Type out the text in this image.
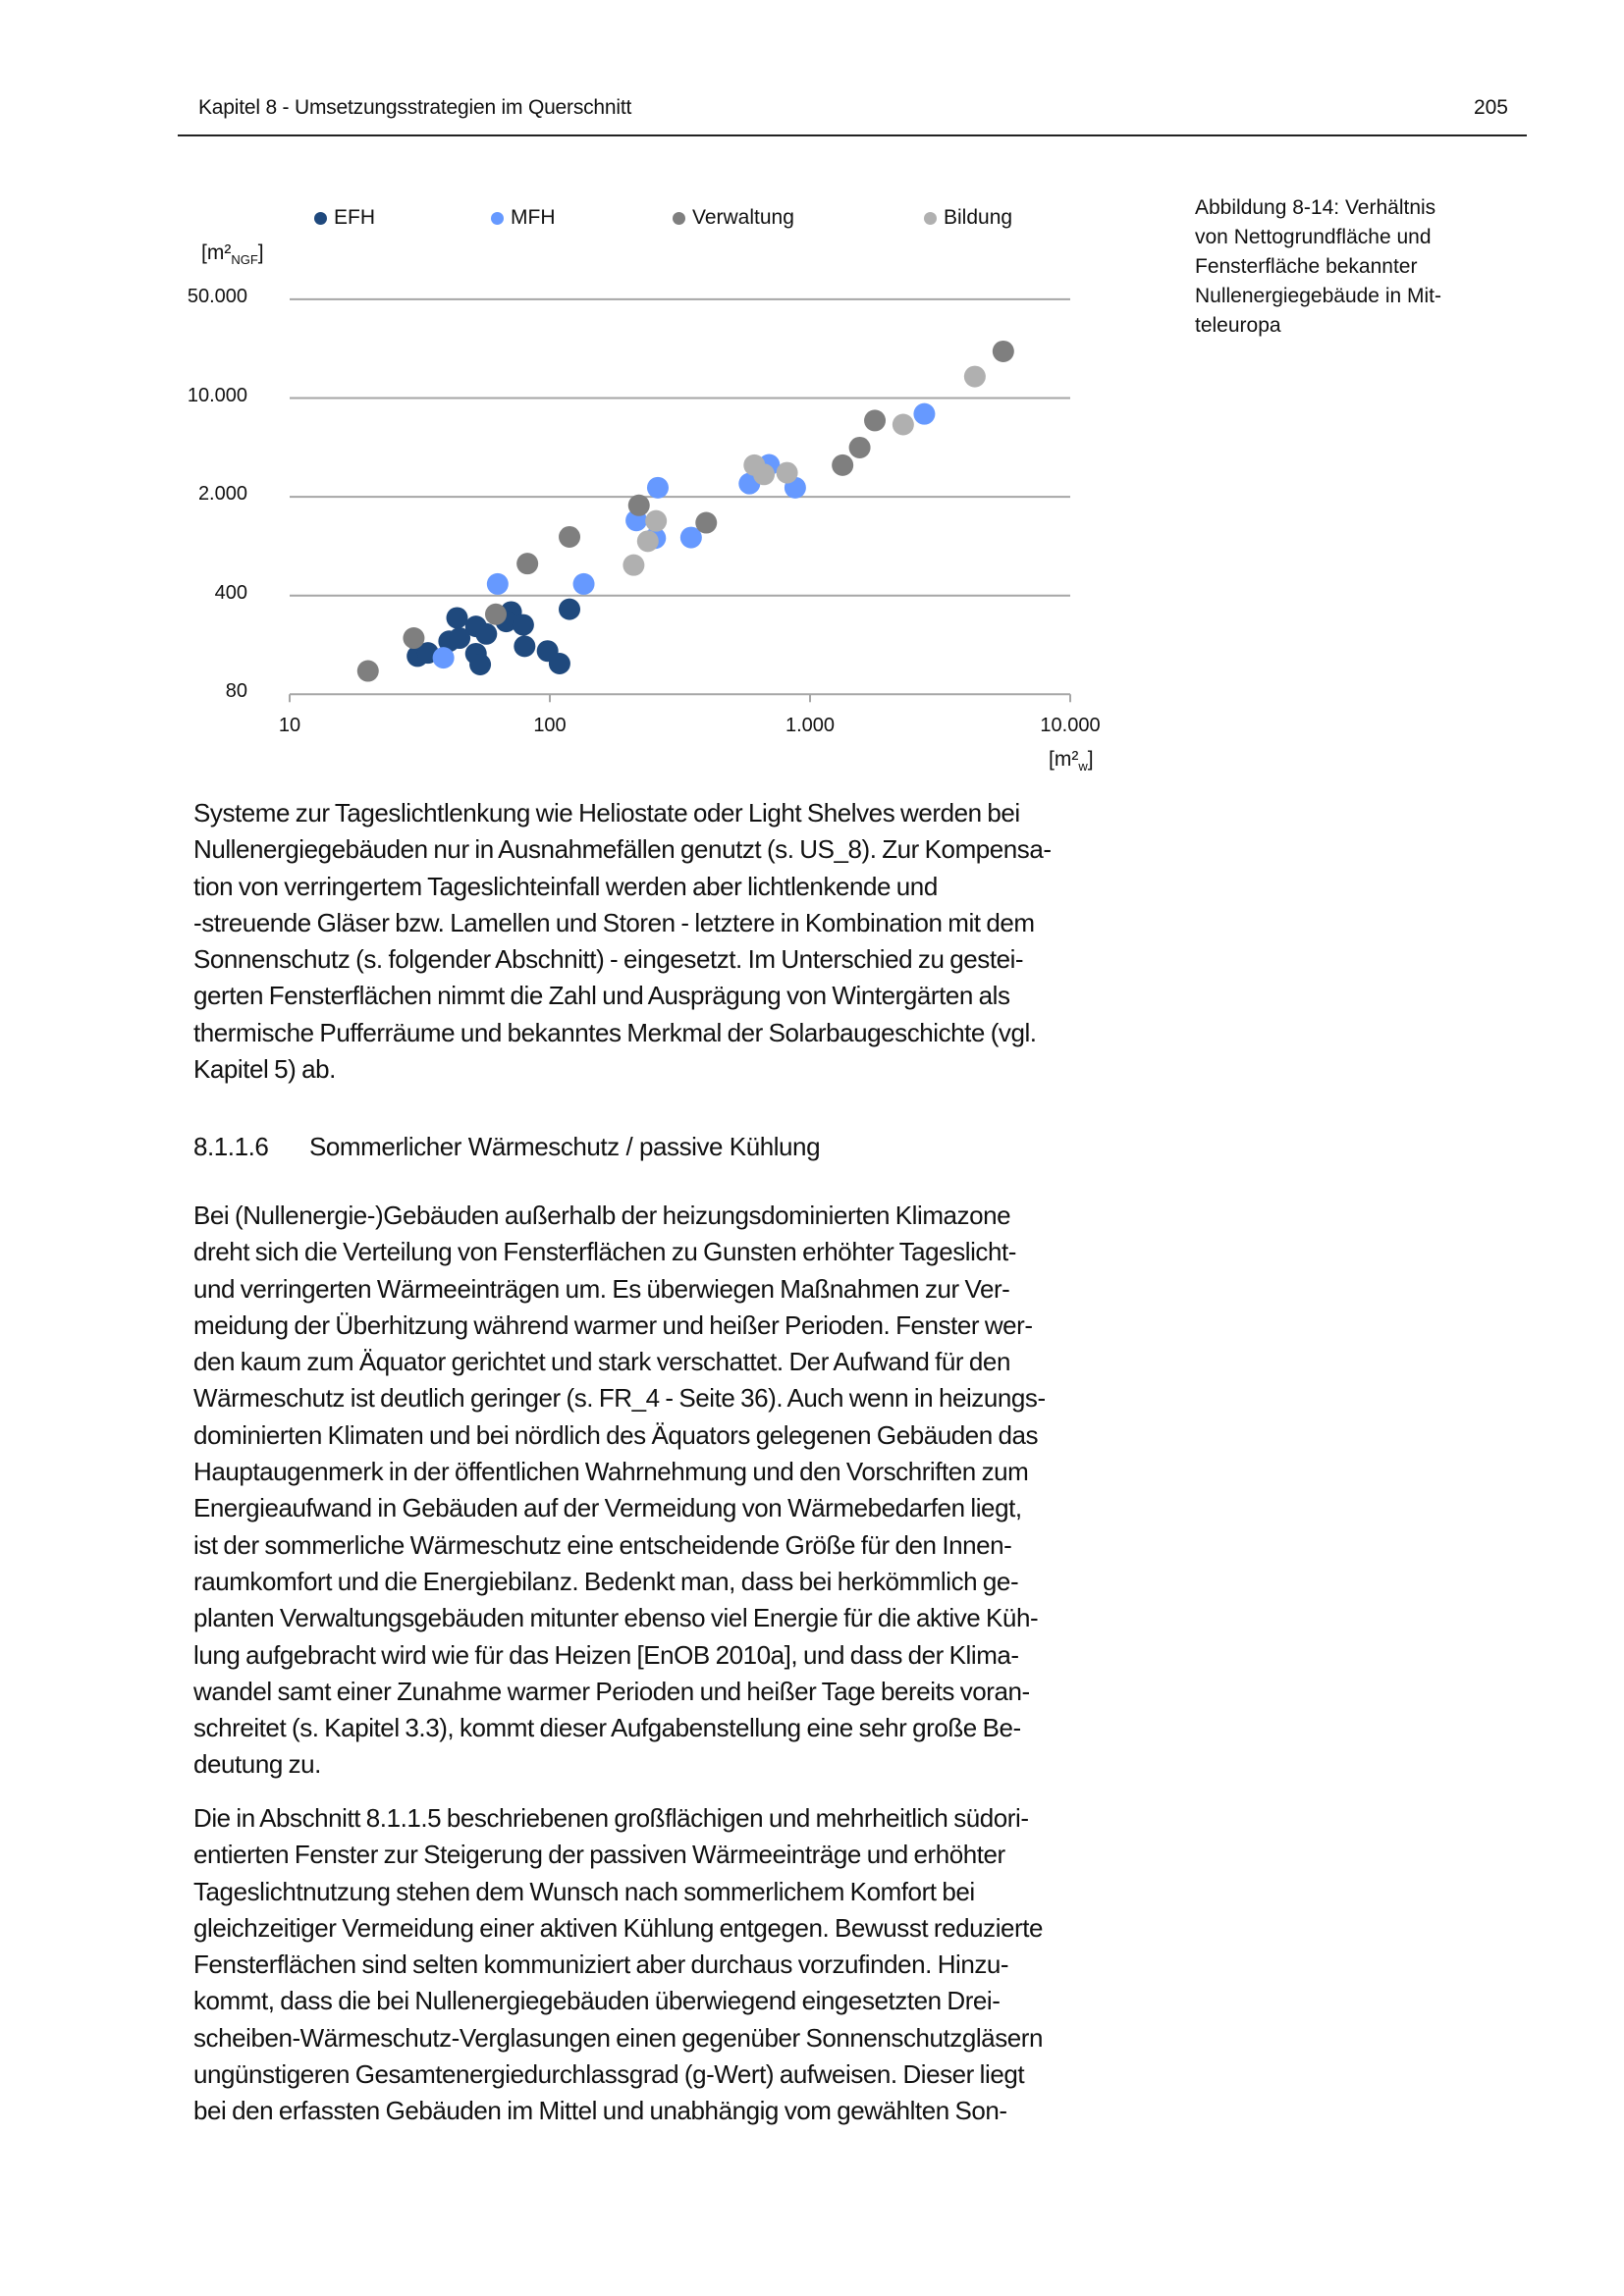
Kapitel 8 - Umsetzungsstrategien im Querschnitt	205
EFH	MFH	Verwaltung	Bildung
$[m^2_{NGF}]$
50.000
10.000
2.000
400
80
10	100	1.000	10.000
$[m^2_w]$
Abbildung 8-14: Verhältnis
von Nettogrundfläche und
Fensterfläche bekannter
Nullenergiegebäude in Mit-
teleuropa
Systeme zur Tageslichtlenkung wie Heliostate oder Light Shelves werden bei
Nullenergiegebäuden nur in Ausnahmefällen genutzt (s. US_8). Zur Kompensa-
tion von verringertem Tageslichteinfall werden aber lichtlenkende und
-streuende Gläser bzw. Lamellen und Storen - letztere in Kombination mit dem
Sonnenschutz (s. folgender Abschnitt) - eingesetzt. Im Unterschied zu gestei-
gerten Fensterflächen nimmt die Zahl und Ausprägung von Wintergärten als
thermische Pufferräume und bekanntes Merkmal der Solarbaugeschichte (vgl.
Kapitel 5) ab.
8.1.1.6 Sommerlicher Wärmeschutz / passive Kühlung
Bei (Nullenergie-)Gebäuden außerhalb der heizungsdominierten Klimazone
dreht sich die Verteilung von Fensterflächen zu Gunsten erhöhter Tageslicht-
und verringerten Wärmeeinträgen um. Es überwiegen Maßnahmen zur Ver-
meidung der Überhitzung während warmer und heißer Perioden. Fenster wer-
den kaum zum Äquator gerichtet und stark verschattet. Der Aufwand für den
Wärmeschutz ist deutlich geringer (s. FR_4 - Seite 36). Auch wenn in heizungs-
dominierten Klimaten und bei nördlich des Äquators gelegenen Gebäuden das
Hauptaugenmerk in der öffentlichen Wahrnehmung und den Vorschriften zum
Energieaufwand in Gebäuden auf der Vermeidung von Wärmebedarfen liegt,
ist der sommerliche Wärmeschutz eine entscheidende Größe für den Innen-
raumkomfort und die Energiebilanz. Bedenkt man, dass bei herkömmlich ge-
planten Verwaltungsgebäuden mitunter ebenso viel Energie für die aktive Küh-
lung aufgebracht wird wie für das Heizen [EnOB 2010a], und dass der Klima-
wandel samt einer Zunahme warmer Perioden und heißer Tage bereits voran-
schreitet (s. Kapitel 3.3), kommt dieser Aufgabenstellung eine sehr große Be-
deutung zu.
Die in Abschnitt 8.1.1.5 beschriebenen großflächigen und mehrheitlich südori-
entierten Fenster zur Steigerung der passiven Wärmeeinträge und erhöhter
Tageslichtnutzung stehen dem Wunsch nach sommerlichem Komfort bei
gleichzeitiger Vermeidung einer aktiven Kühlung entgegen. Bewusst reduzierte
Fensterflächen sind selten kommuniziert aber durchaus vorzufinden. Hinzu-
kommt, dass die bei Nullenergiegebäuden überwiegend eingesetzten Drei-
scheiben-Wärmeschutz-Verglasungen einen gegenüber Sonnenschutzgläsern
ungünstigeren Gesamtenergiedurchlassgrad (g-Wert) aufweisen. Dieser liegt
bei den erfassten Gebäuden im Mittel und unabhängig vom gewählten Son-
